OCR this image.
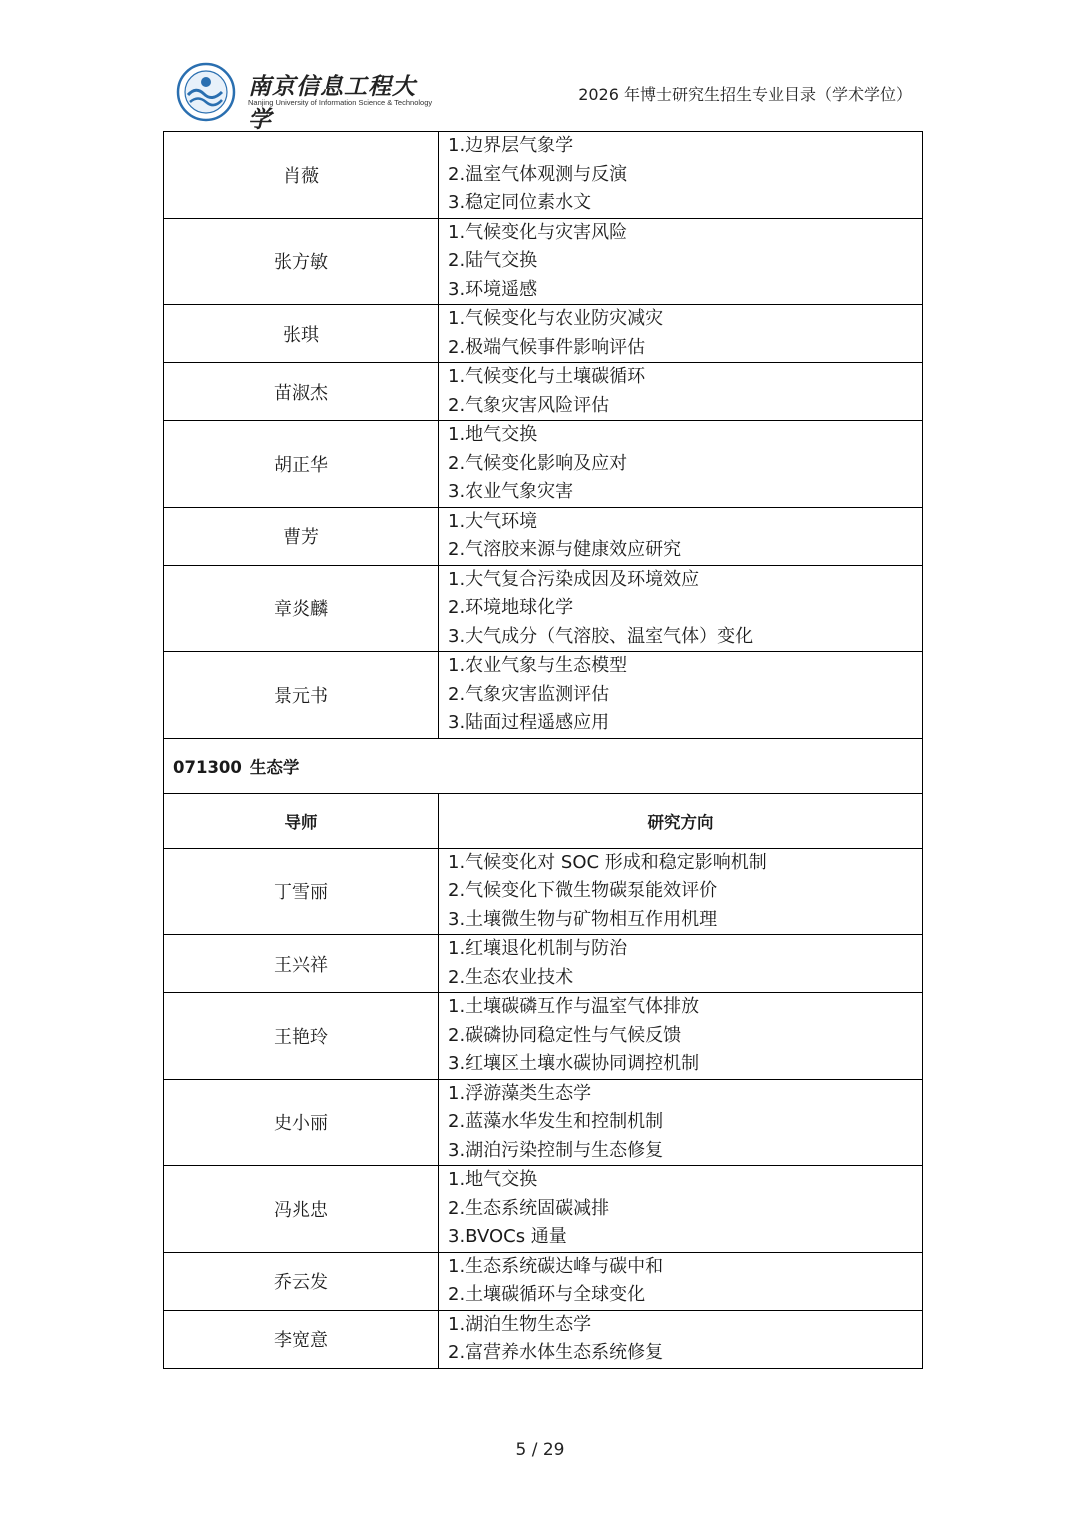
南京信息工程大学
Nanjing University of Information Science & Technology	2026 年博士研究生招生专业目录（学术学位）
肖薇	1.边界层气象学
2.温室气体观测与反演
3.稳定同位素水文

张方敏	1.气候变化与灾害风险
2.陆气交换
3.环境遥感

张琪	1.气候变化与农业防灾减灾
2.极端气候事件影响评估

苗淑杰	1.气候变化与土壤碳循环
2.气象灾害风险评估

胡正华	1.地气交换
2.气候变化影响及应对
3.农业气象灾害

曹芳	1.大气环境
2.气溶胶来源与健康效应研究

章炎麟	1.大气复合污染成因及环境效应
2.环境地球化学
3.大气成分（气溶胶、温室气体）变化

景元书	1.农业气象与生态模型
2.气象灾害监测评估
3.陆面过程遥感应用

071300 生态学	
导师	研究方向
丁雪丽	1.气候变化对 SOC 形成和稳定影响机制
2.气候变化下微生物碳泵能效评价
3.土壤微生物与矿物相互作用机理

王兴祥	1.红壤退化机制与防治
2.生态农业技术

王艳玲	1.土壤碳磷互作与温室气体排放
2.碳磷协同稳定性与气候反馈
3.红壤区土壤水碳协同调控机制

史小丽	1.浮游藻类生态学
2.蓝藻水华发生和控制机制
3.湖泊污染控制与生态修复

冯兆忠	1.地气交换
2.生态系统固碳减排
3.BVOCs 通量

乔云发	1.生态系统碳达峰与碳中和
2.土壤碳循环与全球变化

李宽意	1.湖泊生物生态学
2.富营养水体生态系统修复
5 / 29
